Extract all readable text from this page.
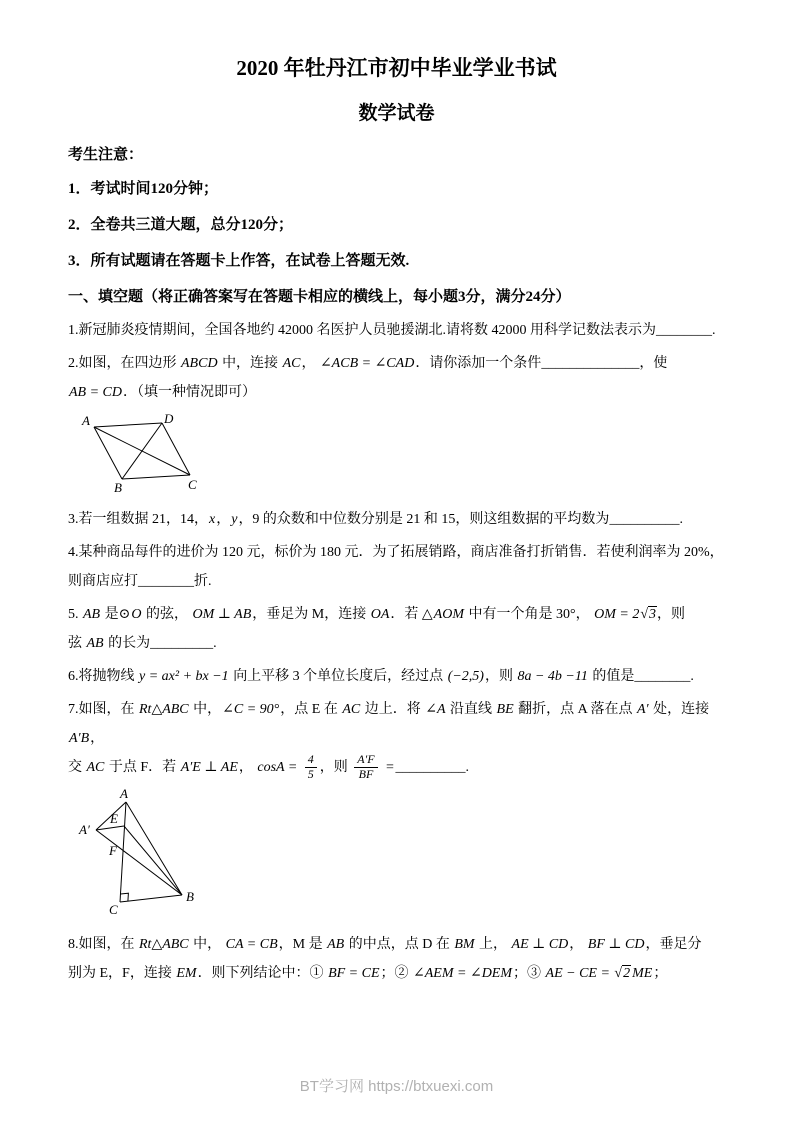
2020 年牡丹江市初中毕业学业书试
数学试卷
考生注意：
1．考试时间120分钟；
2．全卷共三道大题，总分120分；
3．所有试题请在答题卡上作答，在试卷上答题无效.
一、填空题（将正确答案写在答题卡相应的横线上，每小题3分，满分24分）
1.新冠肺炎疫情期间，全国各地约 42000 名医护人员驰援湖北.请将数 42000 用科学记数法表示为________.
2.如图，在四边形 ABCD 中，连接 AC， ∠ACB = ∠CAD．请你添加一个条件______________，使
AB = CD．（填一种情况即可）
A	D
B	C
3.若一组数据 21，14，x，y，9 的众数和中位数分别是 21 和 15，则这组数据的平均数为__________.
4.某种商品每件的进价为 120 元，标价为 180 元．为了拓展销路，商店准备打折销售．若使利润率为 20%，
则商店应打________折.
5. AB 是⊙O 的弦， OM ⊥ AB，垂足为 M，连接 OA．若 △AOM 中有一个角是 30°， OM = 2√3，则
弦 AB 的长为_________.
6.将抛物线 y = ax² + bx −1 向上平移 3 个单位长度后，经过点 (−2,5)，则 8a − 4b −11 的值是________.
7.如图，在 Rt△ABC 中，∠C = 90°，点 E 在 AC 边上．将 ∠A 沿直线 BE 翻折，点 A 落在点 A′ 处，连接 A′B，
交 AC 于点 F．若 A′E ⊥ AE， $\cos A = \frac{4}{5}$ ，则 $\frac{A'F}{BF}$ =__________.
A
A′
E
F
C
B
8.如图，在 Rt△ABC 中， CA = CB，M 是 AB 的中点，点 D 在 BM 上， AE ⊥ CD， BF ⊥ CD，垂足分
别为 E，F，连接 EM．则下列结论中：① BF = CE；② ∠AEM = ∠DEM；③ AE − CE = √2 ME；
BT学习网 https://btxuexi.com
